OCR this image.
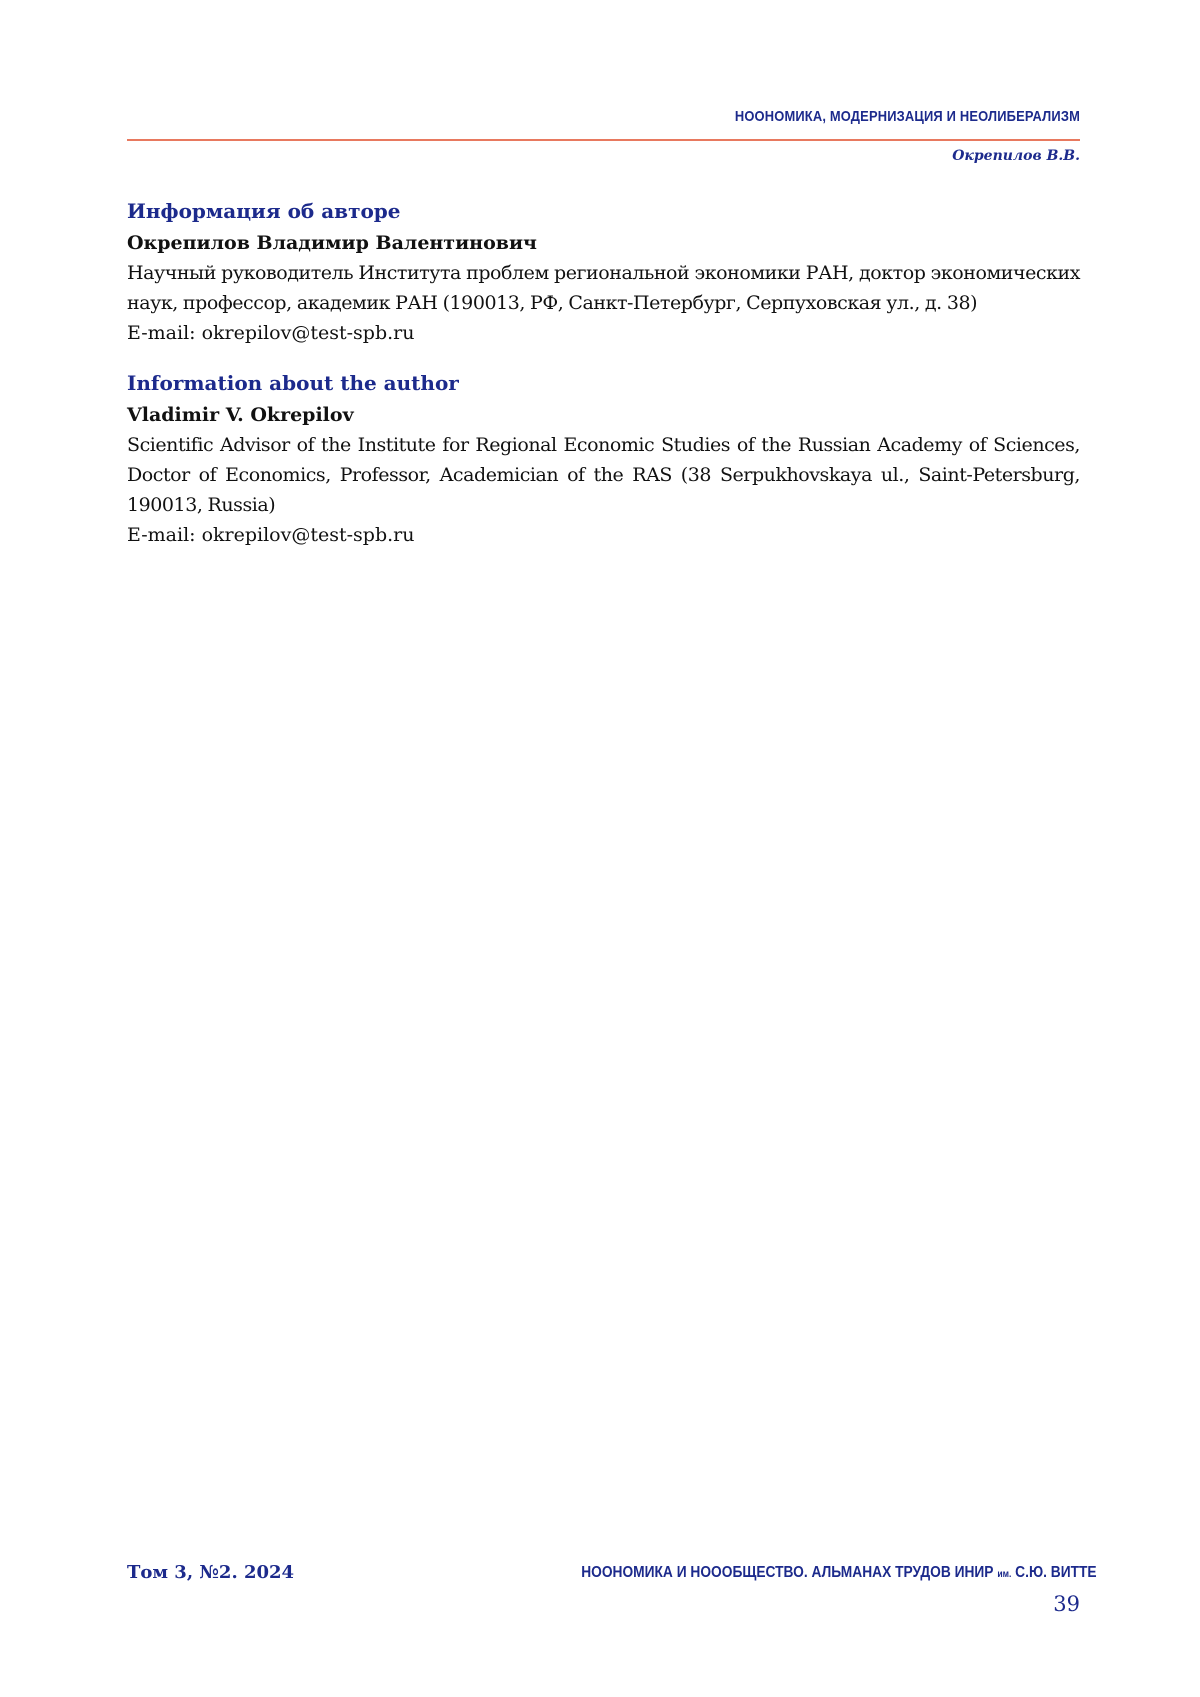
НООНОМИКА, МОДЕРНИЗАЦИЯ И НЕОЛИБЕРАЛИЗМ
Окрепилов В.В.
Информация об авторе
Окрепилов Владимир Валентинович
Научный руководитель Института проблем региональной экономики РАН, доктор экономических наук, профессор, академик РАН (190013, РФ, Санкт-Петербург, Серпуховская ул., д. 38)
E-mail: okrepilov@test-spb.ru
Information about the author
Vladimir V. Okrepilov
Scientific Advisor of the Institute for Regional Economic Studies of the Russian Academy of Sciences, Doctor of Economics, Professor, Academician of the RAS (38 Serpukhovskaya ul., Saint-Petersburg, 190013, Russia)
E-mail: okrepilov@test-spb.ru
Том 3, №2. 2024	НООНОМИКА И НОООБЩЕСТВО. АЛЬМАНАХ ТРУДОВ ИНИР им. С.Ю. ВИТТЕ
39
